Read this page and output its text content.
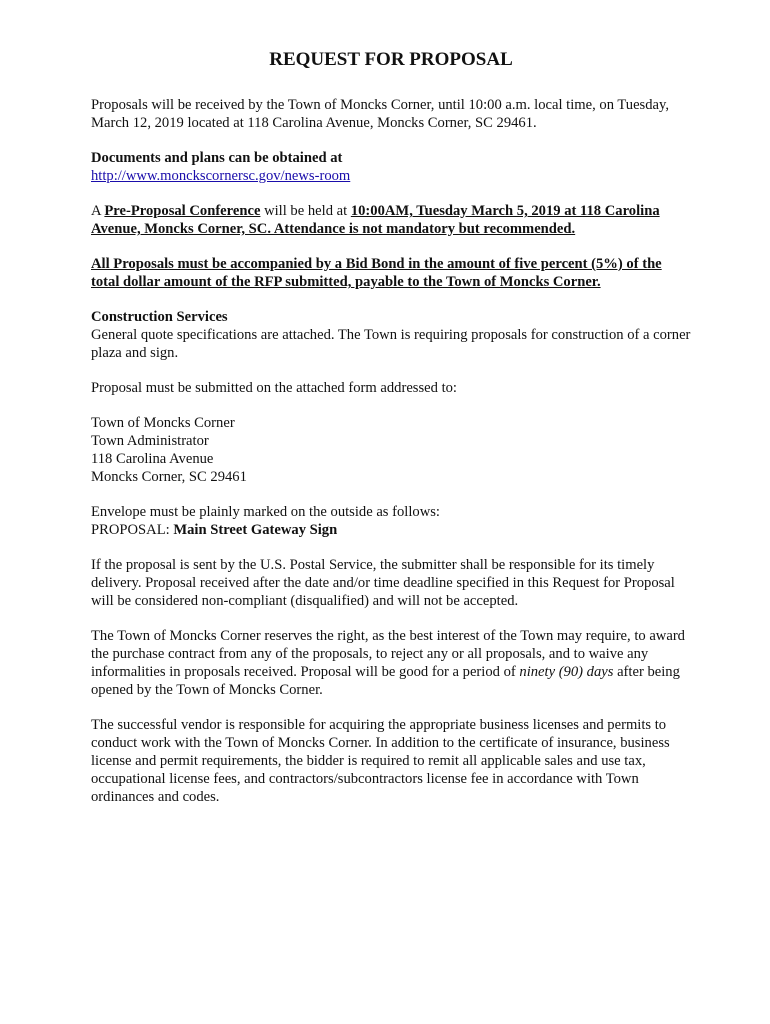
REQUEST FOR PROPOSAL

Proposals will be received by the Town of Moncks Corner, until 10:00 a.m. local time, on Tuesday, March 12, 2019 located at 118 Carolina Avenue, Moncks Corner, SC 29461.

Documents and plans can be obtained at
http://www.monckscornersc.gov/news-room

A Pre-Proposal Conference will be held at 10:00AM, Tuesday March 5, 2019 at 118 Carolina Avenue, Moncks Corner, SC. Attendance is not mandatory but recommended.

All Proposals must be accompanied by a Bid Bond in the amount of five percent (5%) of the total dollar amount of the RFP submitted, payable to the Town of Moncks Corner.

Construction Services
General quote specifications are attached. The Town is requiring proposals for construction of a corner plaza and sign.

Proposal must be submitted on the attached form addressed to:

Town of Moncks Corner
Town Administrator
118 Carolina Avenue
Moncks Corner, SC 29461

Envelope must be plainly marked on the outside as follows:
PROPOSAL: Main Street Gateway Sign

If the proposal is sent by the U.S. Postal Service, the submitter shall be responsible for its timely delivery. Proposal received after the date and/or time deadline specified in this Request for Proposal will be considered non-compliant (disqualified) and will not be accepted.

The Town of Moncks Corner reserves the right, as the best interest of the Town may require, to award the purchase contract from any of the proposals, to reject any or all proposals, and to waive any informalities in proposals received. Proposal will be good for a period of ninety (90) days after being opened by the Town of Moncks Corner.

The successful vendor is responsible for acquiring the appropriate business licenses and permits to conduct work with the Town of Moncks Corner. In addition to the certificate of insurance, business license and permit requirements, the bidder is required to remit all applicable sales and use tax, occupational license fees, and contractors/subcontractors license fee in accordance with Town ordinances and codes.
